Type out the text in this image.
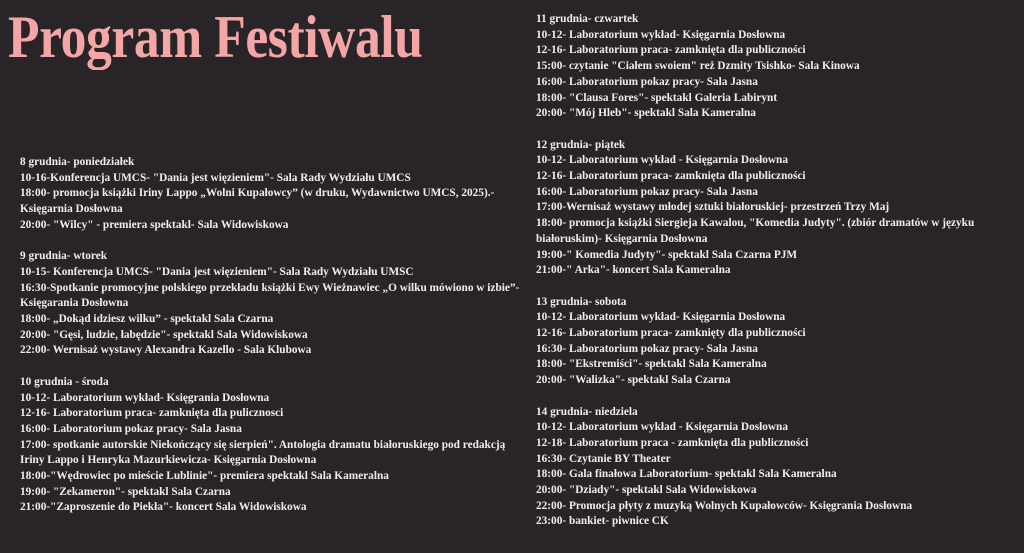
Program Festiwalu
8 grudnia- poniedziałek
10-16-Konferencja UMCS- "Dania jest więzieniem"- Sala Rady Wydziału UMCS
18:00- promocja książki Iriny Lappo „Wolni Kupałowcy” (w druku, Wydawnictwo UMCS, 2025).- Księgarnia Dosłowna
20:00- "Wilcy" - premiera spektakl- Sala Widowiskowa
9 grudnia- wtorek
10-15- Konferencja UMCS- "Dania jest więzieniem"- Sala Rady Wydziału UMSC
16:30-Spotkanie promocyjne polskiego przekładu książki Ewy Wieżnawiec „O wilku mówiono w izbie”- Księgarania Dosłowna
18:00- „Dokąd idziesz wilku” - spektakl Sala Czarna
20:00- "Gęsi, ludzie, łabędzie"- spektakl Sala Widowiskowa
22:00- Wernisaż wystawy Alexandra Kazello - Sala Klubowa
10 grudnia - środa
10-12- Laboratorium wykład- Księgrania Dosłowna
12-16- Laboratorium praca- zamknięta dla pulicznosci
16:00- Laboratorium pokaz pracy- Sala Jasna
17:00- spotkanie autorskie Niekończący się sierpień". Antologia dramatu białoruskiego pod redakcją Iriny Lappo i Henryka Mazurkiewicza- Księgarnia Dosłowna
18:00-"Wędrowiec po mieście Lublinie"- premiera spektakl Sala Kameralna
19:00- "Zekameron"- spektakl Sala Czarna
21:00-"Zaproszenie do Piekła"- koncert Sala Widowiskowa
11 grudnia- czwartek
10-12- Laboratorium wykład- Księgarnia Dosłowna
12-16- Laboratorium praca- zamknięta dla publiczności
15:00- czytanie "Ciałem swoiem" reż Dzmity Tsishko- Sala Kinowa
16:00- Laboratorium pokaz pracy- Sala Jasna
18:00- "Clausa Fores"- spektakl Galeria Labirynt
20:00- "Mój Hleb"- spektakl Sala Kameralna
12 grudnia- piątek
10-12- Laboratorium wykład - Księgarnia Dosłowna
12-16- Laboratorium praca- zamknięta dla publiczności
16:00- Laboratorium pokaz pracy- Sala Jasna
17:00-Wernisaż wystawy młodej sztuki białoruskiej- przestrzeń Trzy Maj
18:00- promocja książki Siergieja Kawalou, "Komedia Judyty". (zbiór dramatów w języku białoruskim)- Księgarnia Dosłowna
19:00-" Komedia Judyty"- spektakl Sala Czarna PJM
21:00-" Arka"- koncert Sala Kameralna
13 grudnia- sobota
10-12- Laboratorium wykład- Księgarnia Dosłowna
12-16- Laboratorium praca- zamknięty dla publiczności
16:30- Laboratorium pokaz pracy- Sala Jasna
18:00- "Ekstremiści"- spektakl Sala Kameralna
20:00- "Walizka"- spektakl Sala Czarna
14 grudnia- niedziela
10-12- Laboratorium wykład - Księgarnia Dosłowna
12-18- Laboratorium praca - zamknięta dla publiczności
16:30- Czytanie BY Theater
18:00- Gala finałowa Laboratorium- spektakl Sala Kameralna
20:00- "Dziady"- spektakl Sala Widowiskowa
22:00- Promocja płyty z muzyką Wolnych Kupałowców- Księgrania Dosłowna
23:00- bankiet- piwnice CK
